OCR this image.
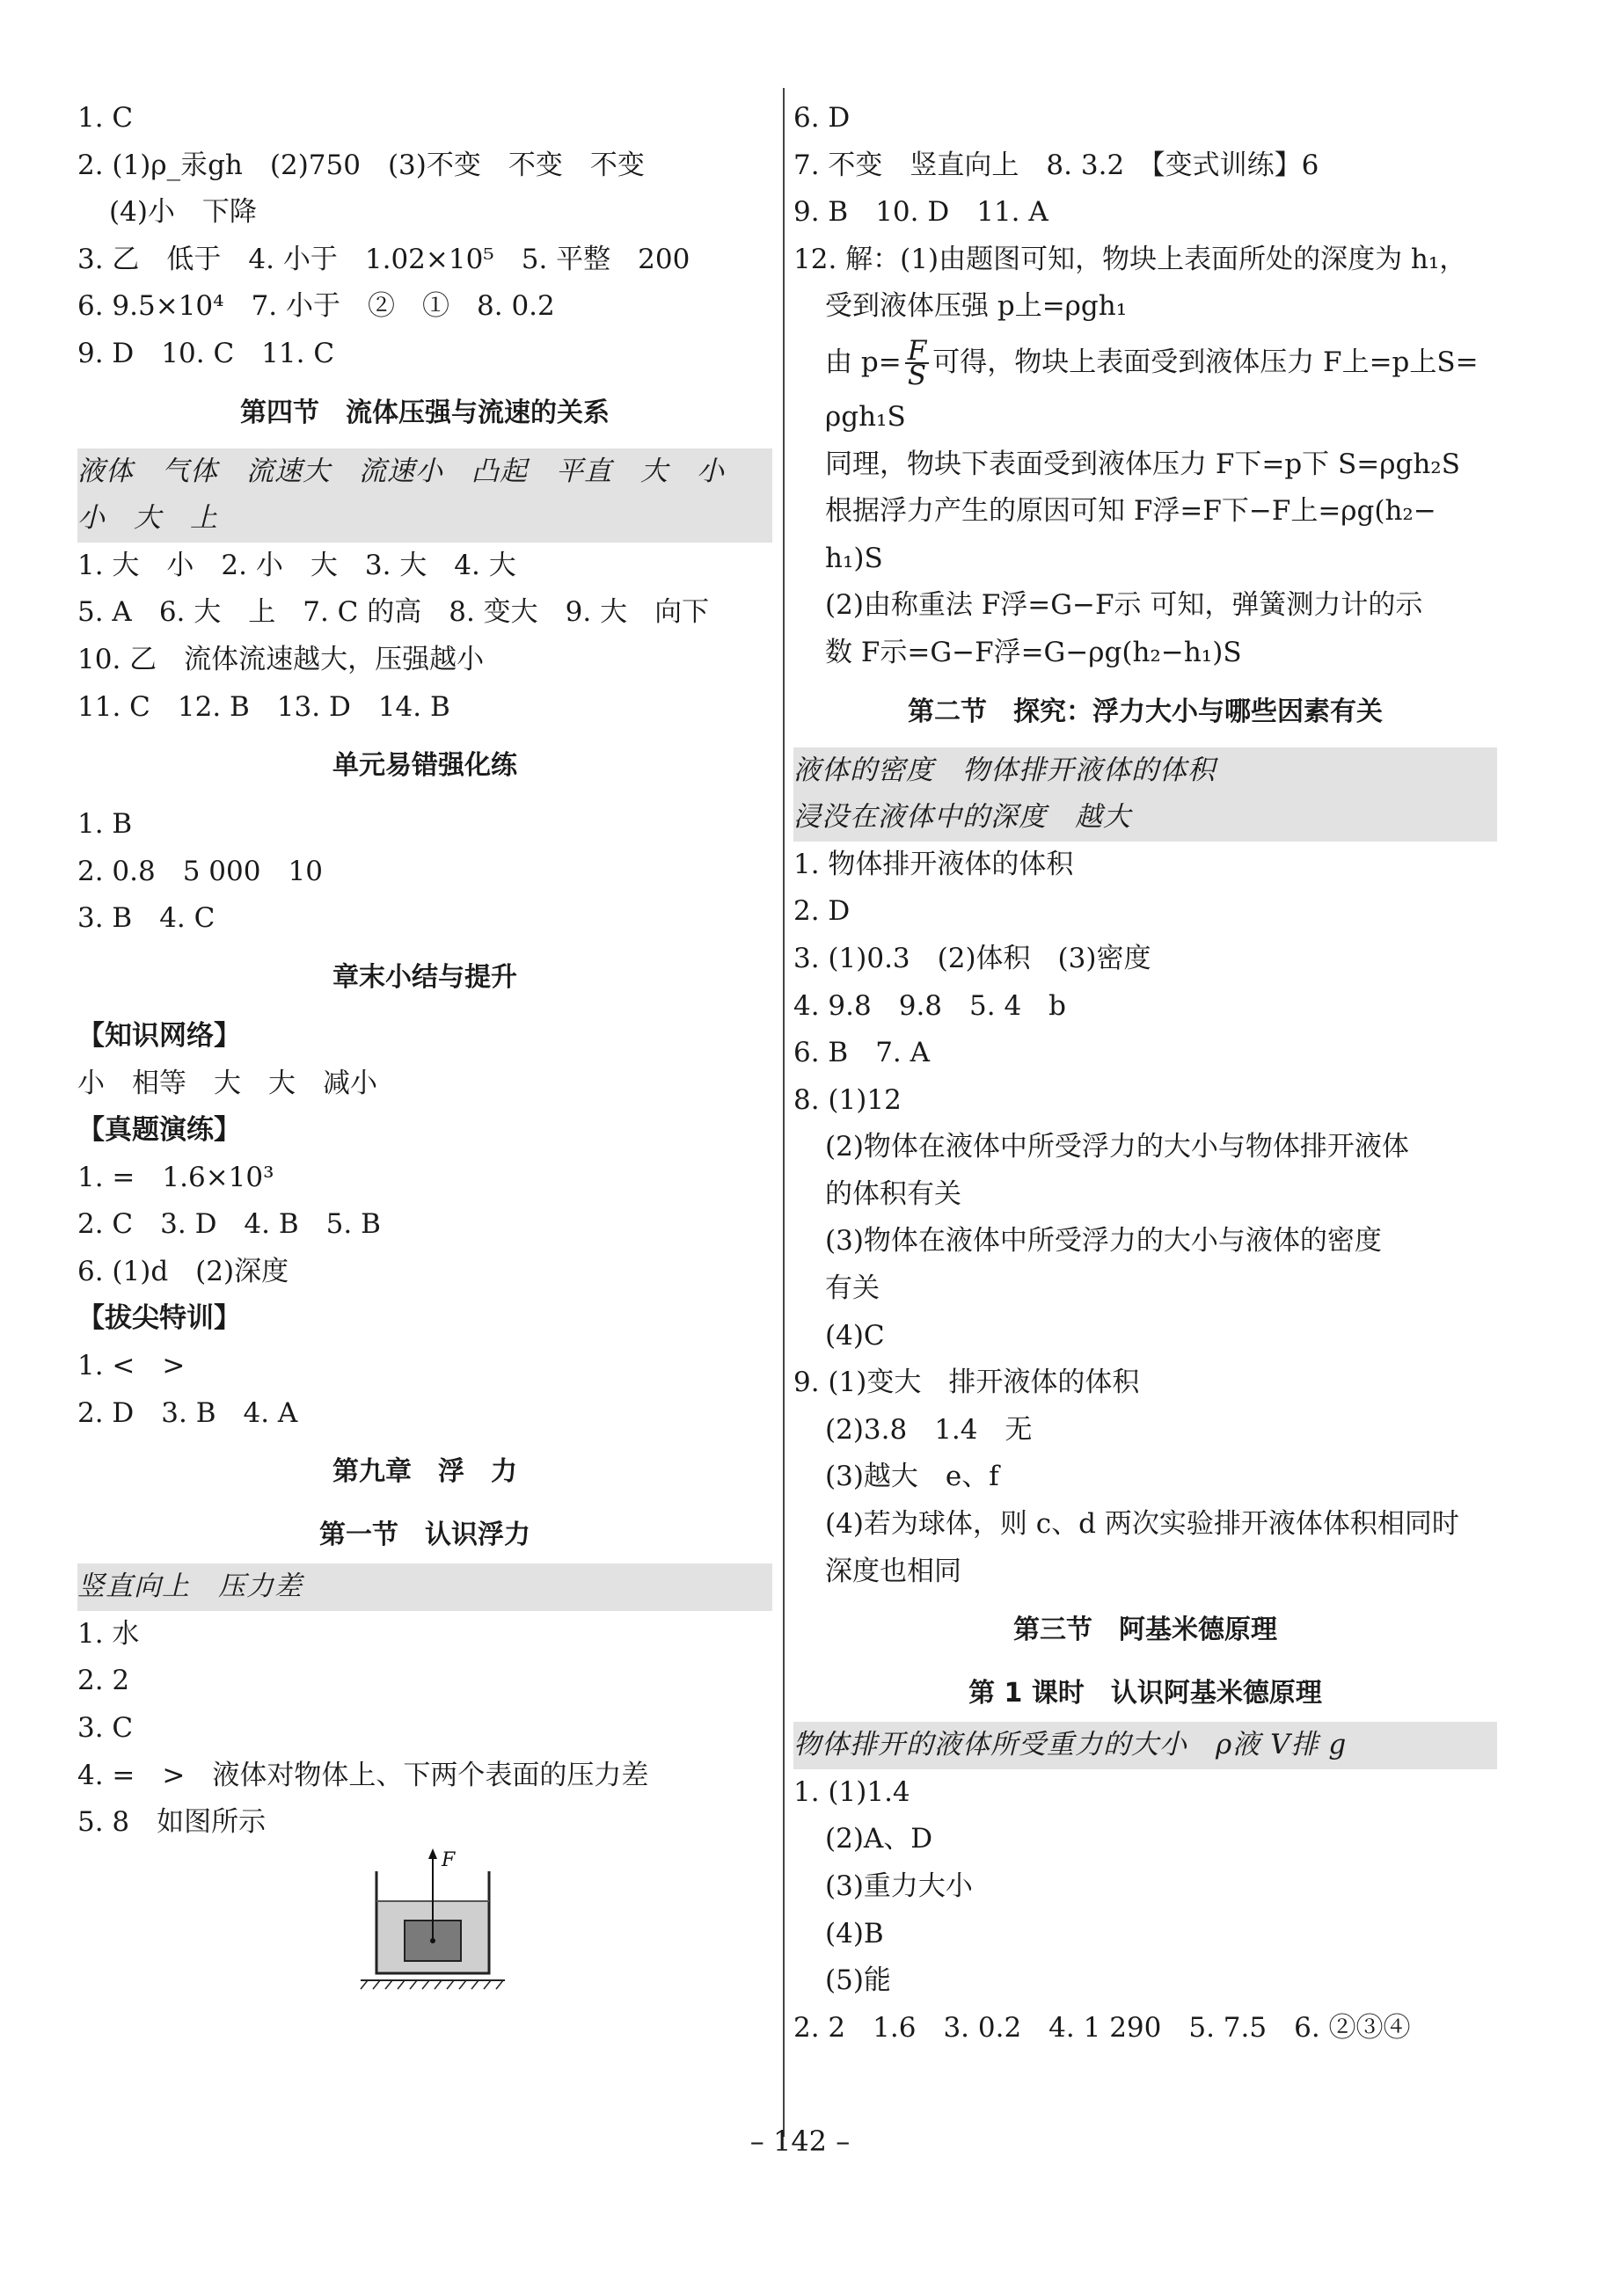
1. C
2. (1)ρ_汞gh　(2)750　(3)不变　不变　不变
(4)小　下降
3. 乙　低于　4. 小于　1.02×10⁵　5. 平整　200
6. 9.5×10⁴　7. 小于　②　①　8. 0.2
9. D　10. C　11. C
第四节　流体压强与流速的关系
液体　气体　流速大　流速小　凸起　平直　大　小
小　大　上
1. 大　小　2. 小　大　3. 大　4. 大
5. A　6. 大　上　7. C 的高　8. 变大　9. 大　向下
10. 乙　流体流速越大，压强越小
11. C　12. B　13. D　14. B
单元易错强化练
1. B
2. 0.8　5 000　10
3. B　4. C
章末小结与提升
【知识网络】
小　相等　大　大　减小
【真题演练】
1. =　1.6×10³
2. C　3. D　4. B　5. B
6. (1)d　(2)深度
【拔尖特训】
1. <　>
2. D　3. B　4. A
第九章　浮　力
第一节　认识浮力
竖直向上　压力差
1. 水
2. 2
3. C
4. =　>　液体对物体上、下两个表面的压力差
5. 8　如图所示
F
6. D
7. 不变　竖直向上　8. 3.2　【变式训练】6
9. B　10. D　11. A
12. 解：(1)由题图可知，物块上表面所处的深度为 h₁，
受到液体压强 p上=ρgh₁
由 $p= \frac{F}{S}$ 可得，物块上表面受到液体压力 F上=p上S=
ρgh₁S
同理，物块下表面受到液体压力 F下=p下 S=ρgh₂S
根据浮力产生的原因可知 F浮=F下−F上=ρg(h₂−
h₁)S
(2)由称重法 F浮=G−F示 可知，弹簧测力计的示
数 F示=G−F浮=G−ρg(h₂−h₁)S
第二节　探究：浮力大小与哪些因素有关
液体的密度　物体排开液体的体积
浸没在液体中的深度　越大
1. 物体排开液体的体积
2. D
3. (1)0.3　(2)体积　(3)密度
4. 9.8　9.8　5. 4　b
6. B　7. A
8. (1)12
(2)物体在液体中所受浮力的大小与物体排开液体
的体积有关
(3)物体在液体中所受浮力的大小与液体的密度
有关
(4)C
9. (1)变大　排开液体的体积
(2)3.8　1.4　无
(3)越大　e、f
(4)若为球体，则 c、d 两次实验排开液体体积相同时
深度也相同
第三节　阿基米德原理
第 1 课时　认识阿基米德原理
物体排开的液体所受重力的大小　ρ液 V排 g
1. (1)1.4
(2)A、D
(3)重力大小
(4)B
(5)能
2. 2　1.6　3. 0.2　4. 1 290　5. 7.5　6. ②③④
– 142 –
